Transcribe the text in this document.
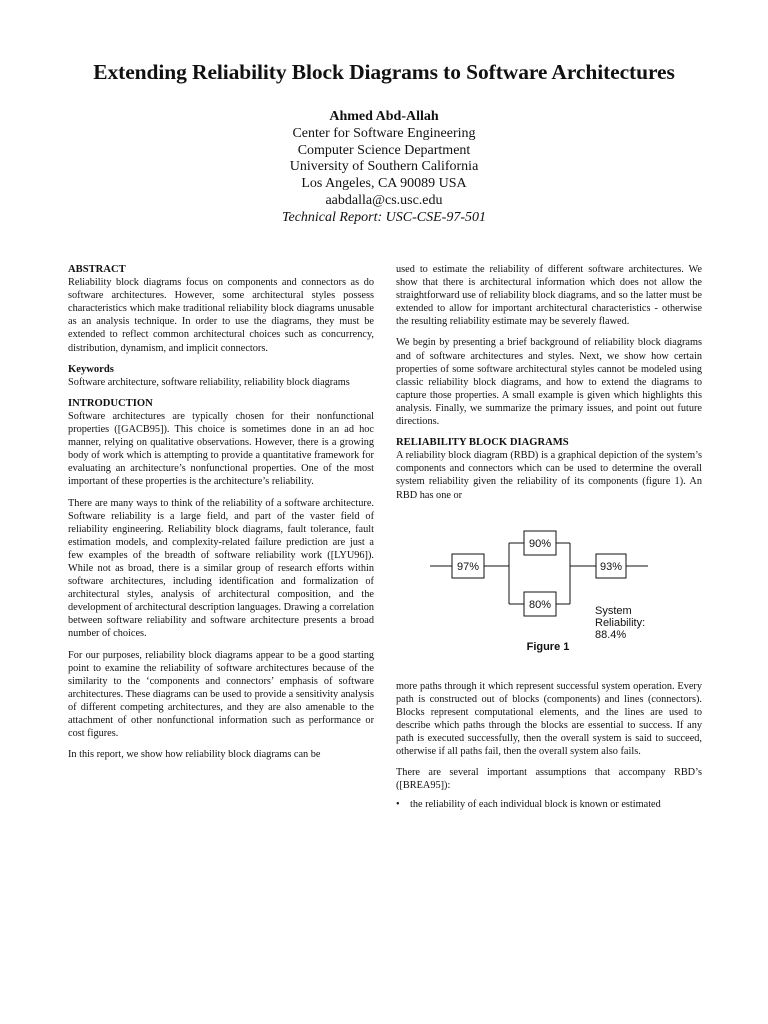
Extending Reliability Block Diagrams to Software Architectures
Ahmed Abd-Allah
Center for Software Engineering
Computer Science Department
University of Southern California
Los Angeles, CA 90089 USA
aabdalla@cs.usc.edu
Technical Report: USC-CSE-97-501
ABSTRACT

Reliability block diagrams focus on components and connectors as do software architectures. However, some architectural styles possess characteristics which make traditional reliability block diagrams unusable as an analysis technique. In order to use the diagrams, they must be extended to reflect common architectural choices such as concurrency, distribution, dynamism, and implicit connectors.

Keywords

Software architecture, software reliability, reliability block diagrams

INTRODUCTION

Software architectures are typically chosen for their nonfunctional properties ([GACB95]). This choice is sometimes done in an ad hoc manner, relying on qualitative observations. However, there is a growing body of work which is attempting to provide a quantitative framework for evaluating an architecture’s nonfunctional properties. One of the most important of these properties is the architecture’s reliability.

There are many ways to think of the reliability of a software architecture. Software reliability is a large field, and part of the vaster field of reliability engineering. Reliability block diagrams, fault tolerance, fault estimation models, and complexity-related failure prediction are just a few examples of the breadth of software reliability work ([LYU96]). While not as broad, there is a similar group of research efforts within software architectures, including identification and formalization of architectural styles, analysis of architectural composition, and the development of architectural description languages. Drawing a correlation between software reliability and software architecture presents a broad number of choices.

For our purposes, reliability block diagrams appear to be a good starting point to examine the reliability of software architectures because of the similarity to the ‘components and connectors’ emphasis of software architectures. These diagrams can be used to provide a sensitivity analysis of different competing architectures, and they are also amenable to the attachment of other nonfunctional information such as performance or cost figures.

In this report, we show how reliability block diagrams can be

used to estimate the reliability of different software architectures. We show that there is architectural information which does not allow the straightforward use of reliability block diagrams, and so the latter must be extended to allow for important architectural characteristics - otherwise the resulting reliability estimate may be severely flawed.

We begin by presenting a brief background of reliability block diagrams and of software architectures and styles. Next, we show how certain properties of some software architectural styles cannot be modeled using classic reliability block diagrams, and how to extend the diagrams to capture those properties. A small example is given which highlights this analysis. Finally, we summarize the primary issues, and point out future directions.

RELIABILITY BLOCK DIAGRAMS

A reliability block diagram (RBD) is a graphical depiction of the system’s components and connectors which can be used to determine the overall system reliability given the reliability of its components (figure 1). An RBD has one or

97%
90%
80%
93%
System
Reliability:
88.4%
Figure 1

more paths through it which represent successful system operation. Every path is constructed out of blocks (components) and lines (connectors). Blocks represent computational elements, and the lines are used to describe which paths through the blocks are essential to success. If any path is executed successfully, then the overall system is said to succeed, otherwise if all paths fail, then the overall system also fails.

There are several important assumptions that accompany RBD’s ([BREA95]):

• the reliability of each individual block is known or estimated
